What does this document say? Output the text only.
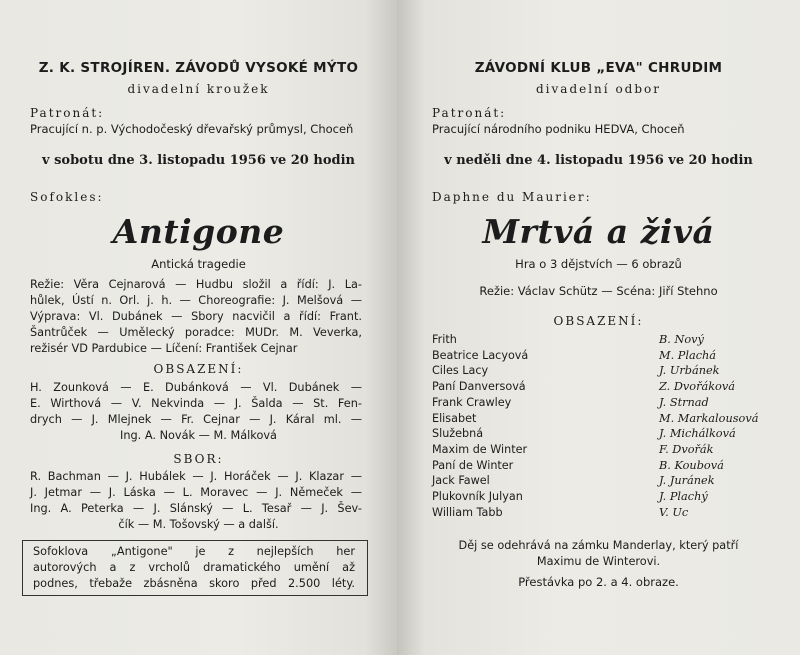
Z. K. STROJÍREN. ZÁVODŮ VYSOKÉ MÝTO
divadelní kroužek
Patronát:
Pracující n. p. Východočeský dřevařský průmysl, Choceň
v sobotu dne 3. listopadu 1956 ve 20 hodin
Sofokles:
Antigone
Antická tragedie
Režie: Věra Cejnarová — Hudbu složil a řídí: J. La-
hůlek, Ústí n. Orl. j. h. — Choreografie: J. Melšová —
Výprava: Vl. Dubánek — Sbory nacvičil a řídí: Frant.
Šantrůček — Umělecký poradce: MUDr. M. Veverka,
režisér VD Pardubice — Líčení: František Cejnar
OBSAZENÍ:
H. Zounková — E. Dubánková — Vl. Dubánek —
E. Wirthová — V. Nekvinda — J. Šalda — St. Fen-
drych — J. Mlejnek — Fr. Cejnar — J. Káral ml. —
Ing. A. Novák — M. Málková
SBOR:
R. Bachman — J. Hubálek — J. Horáček — J. Klazar —
J. Jetmar — J. Láska — L. Moravec — J. Němeček —
Ing. A. Peterka — J. Slánský — L. Tesař — J. Šev-
čík — M. Tošovský — a další.
Sofoklova „Antigone" je z nejlepších her
autorových a z vrcholů dramatického umění až
podnes, třebaže zbásněna skoro před 2.500 léty.
ZÁVODNÍ KLUB „EVA" CHRUDIM
divadelní odbor
Patronát:
Pracující národního podniku HEDVA, Choceň
v neděli dne 4. listopadu 1956 ve 20 hodin
Daphne du Maurier:
Mrtvá a živá
Hra o 3 dějstvích — 6 obrazů
Režie: Václav Schütz — Scéna: Jiří Stehno
OBSAZENÍ:
Frith	B. Nový
Beatrice Lacyová	M. Plachá
Ciles Lacy	J. Urbánek
Paní Danversová	Z. Dvořáková
Frank Crawley	J. Strnad
Elisabet	M. Markalousová
Služebná	J. Michálková
Maxim de Winter	F. Dvořák
Paní de Winter	B. Koubová
Jack Fawel	J. Juránek
Plukovník Julyan	J. Plachý
William Tabb	V. Uc
Děj se odehrává na zámku Manderlay, který patří
Maximu de Winterovi.
Přestávka po 2. a 4. obraze.
